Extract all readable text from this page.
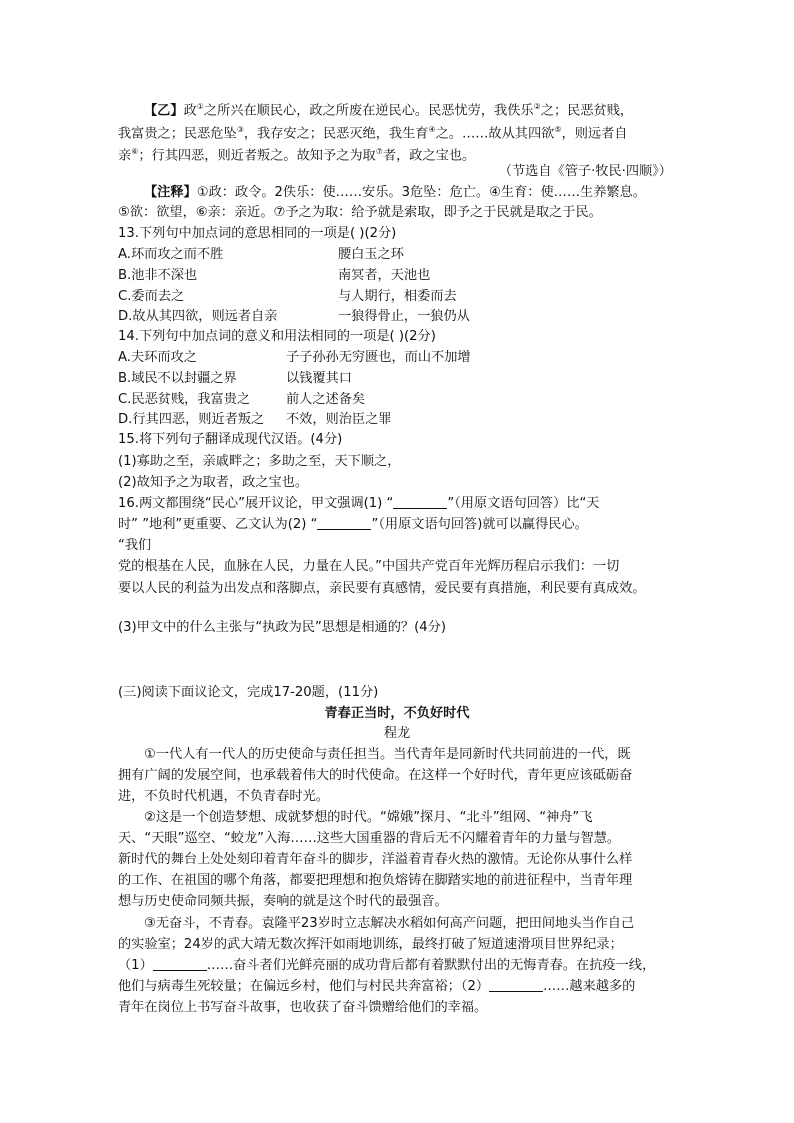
【乙】政①之所兴在顺民心，政之所废在逆民心。民恶忧劳，我佚乐②之；民恶贫贱，
我富贵之；民恶危坠③，我存安之；民恶灭绝，我生育④之。……故从其四欲⑤，则远者自
亲⑥；行其四恶，则近者叛之。故知予之为取⑦者，政之宝也。
（节选自《管子·牧民·四顺》）
【注释】①政：政令。2佚乐：使……安乐。3危坠：危亡。④生育：使……生养繁息。
⑤欲：欲望，⑥亲：亲近。⑦予之为取：给予就是索取，即予之于民就是取之于民。
13.下列句中加点词的意思相同的一项是( )(2分)
A.环而攻之而不胜	腰白玉之环
B.池非不深也	南冥者，天池也
C.委而去之	与人期行，相委而去
D.故从其四欲，则远者自亲	一狼得骨止，一狼仍从
14.下列句中加点词的意义和用法相同的一项是( )(2分)
A.夫环而攻之	子子孙孙无穷匮也，而山不加增
B.域民不以封疆之界	以钱覆其口
C.民恶贫贱，我富贵之	前人之述备矣
D.行其四恶，则近者叛之 不效，则治臣之罪
15.将下列句子翻译成现代汉语。(4分)
(1)寡助之至，亲戚畔之；多助之至，天下顺之，
(2)故知予之为取者，政之宝也。
16.两文都围绕“民心”展开议论，甲文强调(1) “	”（用原文语句回答）比“天
时” ”地利”更重要、乙文认为(2) “	”（用原文语句回答)就可以赢得民心。
“我们
党的根基在人民，血脉在人民，力量在人民。”中国共产党百年光辉历程启示我们：一切
要以人民的利益为出发点和落脚点，亲民要有真感情，爱民要有真措施，利民要有真成效。
(3)甲文中的什么主张与“执政为民”思想是相通的？(4分)
(三)阅读下面议论文，完成17-20题，(11分)
青春正当时，不负好时代
程龙
①一代人有一代人的历史使命与责任担当。当代青年是同新时代共同前进的一代，既
拥有广阔的发展空间，也承载着伟大的时代使命。在这样一个好时代，青年更应该砥砺奋
进，不负时代机遇，不负青春时光。
②这是一个创造梦想、成就梦想的时代。“嫦娥”探月、“北斗”组网、“神舟”飞
天、“天眼”巡空、“蛟龙”入海……这些大国重器的背后无不闪耀着青年的力量与智慧。
新时代的舞台上处处刻印着青年奋斗的脚步，洋溢着青春火热的激情。无论你从事什么样
的工作、在祖国的哪个角落，都要把理想和抱负熔铸在脚踏实地的前进征程中，当青年理
想与历史使命同频共振，奏响的就是这个时代的最强音。
③无奋斗，不青春。袁隆平23岁时立志解决水稻如何高产问题，把田间地头当作自己
的实验室；24岁的武大靖无数次挥汗如雨地训练，最终打破了短道速滑项目世界纪录；
（1）	……奋斗者们光鲜亮丽的成功背后都有着默默付出的无悔青春。在抗疫一线，
他们与病毒生死较量；在偏远乡村，他们与村民共奔富裕；（2）	……越来越多的
青年在岗位上书写奋斗故事，也收获了奋斗馈赠给他们的幸福。
